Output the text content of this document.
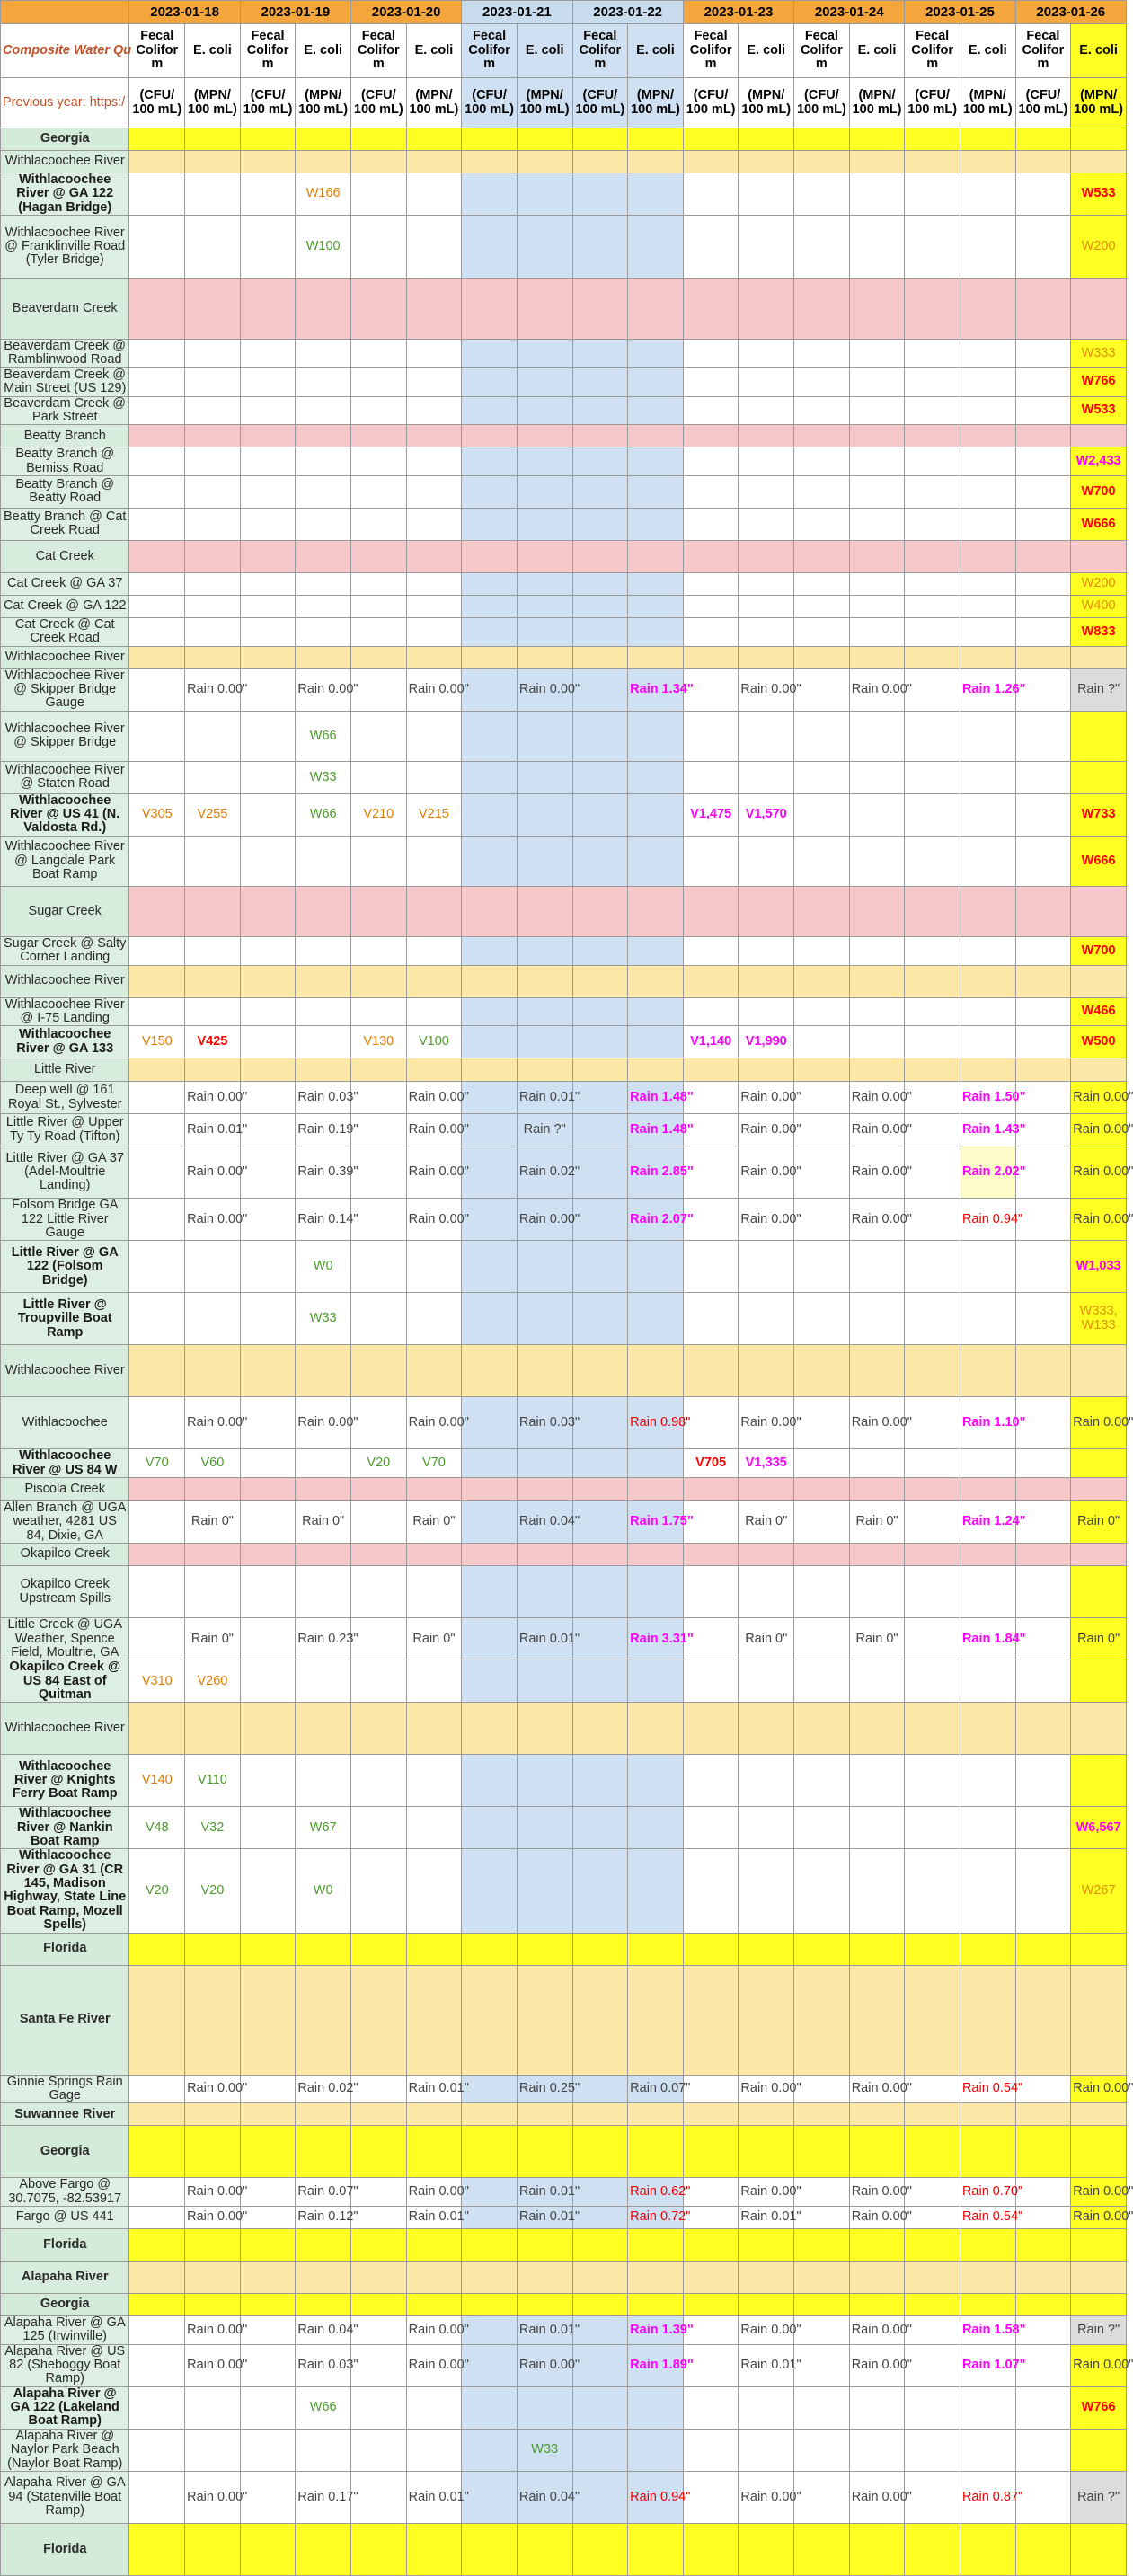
	2023-01-18		2023-01-19		2023-01-20		2023-01-21		2023-01-22		2023-01-23		2023-01-24		2023-01-25		2023-01-26	
Composite Water Qu	Fecal Colifor m	E. coli	Fecal Colifor m	E. coli	Fecal Colifor m	E. coli	Fecal Colifor m	E. coli	Fecal Colifor m	E. coli	Fecal Colifor m	E. coli	Fecal Colifor m	E. coli	Fecal Colifor m	E. coli	Fecal Colifor m	E. coli
Previous year: https:/	(CFU/ 100 mL)	(MPN/ 100 mL)	(CFU/ 100 mL)	(MPN/ 100 mL)	(CFU/ 100 mL)	(MPN/ 100 mL)	(CFU/ 100 mL)	(MPN/ 100 mL)	(CFU/ 100 mL)	(MPN/ 100 mL)	(CFU/ 100 mL)	(MPN/ 100 mL)	(CFU/ 100 mL)	(MPN/ 100 mL)	(CFU/ 100 mL)	(MPN/ 100 mL)	(CFU/ 100 mL)	(MPN/ 100 mL)
Georgia																		
Withlacoochee River																		
Withlacoochee River @ GA 122 (Hagan Bridge)				W166														W533
Withlacoochee River @ Franklinville Road (Tyler Bridge)				W100														W200
Beaverdam Creek																		
Beaverdam Creek @ Ramblinwood Road																		W333
Beaverdam Creek @ Main Street (US 129)																		W766
Beaverdam Creek @ Park Street																		W533
Beatty Branch																		
Beatty Branch @ Bemiss Road																		W2,433
Beatty Branch @ Beatty Road																		W700
Beatty Branch @ Cat Creek Road																		W666
Cat Creek																		
Cat Creek @ GA 37																		W200
Cat Creek @ GA 122																		W400
Cat Creek @ Cat Creek Road																		W833
Withlacoochee River																		
Withlacoochee River @ Skipper Bridge Gauge		Rain 0.00"		Rain 0.00"		Rain 0.00"		Rain 0.00"		Rain 1.34"		Rain 0.00"		Rain 0.00"		Rain 1.26"		Rain ?"
Withlacoochee River @ Skipper Bridge				W66														
Withlacoochee River @ Staten Road				W33														
Withlacoochee River @ US 41 (N. Valdosta Rd.)	V305	V255		W66	V210	V215					V1,475	V1,570						W733
Withlacoochee River @ Langdale Park Boat Ramp																		W666
Sugar Creek																		
Sugar Creek @ Salty Corner Landing																		W700
Withlacoochee River																		
Withlacoochee River @ I-75 Landing																		W466
Withlacoochee River @ GA 133	V150	V425			V130	V100					V1,140	V1,990						W500
Little River																		
Deep well @ 161 Royal St., Sylvester		Rain 0.00"		Rain 0.03"		Rain 0.00"		Rain 0.01"		Rain 1.48"		Rain 0.00"		Rain 0.00"		Rain 1.50"		Rain 0.00"
Little River @ Upper Ty Ty Road (Tifton)		Rain 0.01"		Rain 0.19"		Rain 0.00"		Rain ?"		Rain 1.48"		Rain 0.00"		Rain 0.00"		Rain 1.43"		Rain 0.00"
Little River @ GA 37 (Adel-Moultrie Landing)		Rain 0.00"		Rain 0.39"		Rain 0.00"		Rain 0.02"		Rain 2.85"		Rain 0.00"		Rain 0.00"		Rain 2.02"		Rain 0.00"
Folsom Bridge GA 122 Little River Gauge		Rain 0.00"		Rain 0.14"		Rain 0.00"		Rain 0.00"		Rain 2.07"		Rain 0.00"		Rain 0.00"		Rain 0.94"		Rain 0.00"
Little River @ GA 122 (Folsom Bridge)				W0														W1,033
Little River @ Troupville Boat Ramp				W33														W333, W133
Withlacoochee River																		
Withlacoochee		Rain 0.00"		Rain 0.00"		Rain 0.00"		Rain 0.03"		Rain 0.98"		Rain 0.00"		Rain 0.00"		Rain 1.10"		Rain 0.00"
Withlacoochee River @ US 84 W	V70	V60			V20	V70					V705	V1,335						
Piscola Creek																		
Allen Branch @ UGA weather, 4281 US 84, Dixie, GA		Rain 0"		Rain 0"		Rain 0"		Rain 0.04"		Rain 1.75"		Rain 0"		Rain 0"		Rain 1.24"		Rain 0"
Okapilco Creek																		
Okapilco Creek Upstream Spills																		
Little Creek @ UGA Weather, Spence Field, Moultrie, GA		Rain 0"		Rain 0.23"		Rain 0"		Rain 0.01"		Rain 3.31"		Rain 0"		Rain 0"		Rain 1.84"		Rain 0"
Okapilco Creek @ US 84 East of Quitman	V310	V260																
Withlacoochee River																		
Withlacoochee River @ Knights Ferry Boat Ramp	V140	V110																
Withlacoochee River @ Nankin Boat Ramp	V48	V32		W67														W6,567
Withlacoochee River @ GA 31 (CR 145, Madison Highway, State Line Boat Ramp, Mozell Spells)	V20	V20		W0														W267
Florida																		
Santa Fe River																		
Ginnie Springs Rain Gage		Rain 0.00"		Rain 0.02"		Rain 0.01"		Rain 0.25"		Rain 0.07"		Rain 0.00"		Rain 0.00"		Rain 0.54"		Rain 0.00"
Suwannee River																		
Georgia																		
Above Fargo @ 30.7075, -82.53917		Rain 0.00"		Rain 0.07"		Rain 0.00"		Rain 0.01"		Rain 0.62"		Rain 0.00"		Rain 0.00"		Rain 0.70"		Rain 0.00"
Fargo @ US 441		Rain 0.00"		Rain 0.12"		Rain 0.01"		Rain 0.01"		Rain 0.72"		Rain 0.01"		Rain 0.00"		Rain 0.54"		Rain 0.00"
Florida																		
Alapaha River																		
Georgia																		
Alapaha River @ GA 125 (Irwinville)		Rain 0.00"		Rain 0.04"		Rain 0.00"		Rain 0.01"		Rain 1.39"		Rain 0.00"		Rain 0.00"		Rain 1.58"		Rain ?"
Alapaha River @ US 82 (Sheboggy Boat Ramp)		Rain 0.00"		Rain 0.03"		Rain 0.00"		Rain 0.00"		Rain 1.89"		Rain 0.01"		Rain 0.00"		Rain 1.07"		Rain 0.00"
Alapaha River @ GA 122 (Lakeland Boat Ramp)				W66														W766
Alapaha River @ Naylor Park Beach (Naylor Boat Ramp)								W33										
Alapaha River @ GA 94 (Statenville Boat Ramp)		Rain 0.00"		Rain 0.17"		Rain 0.01"		Rain 0.04"		Rain 0.94"		Rain 0.00"		Rain 0.00"		Rain 0.87"		Rain ?"
Florida																		
